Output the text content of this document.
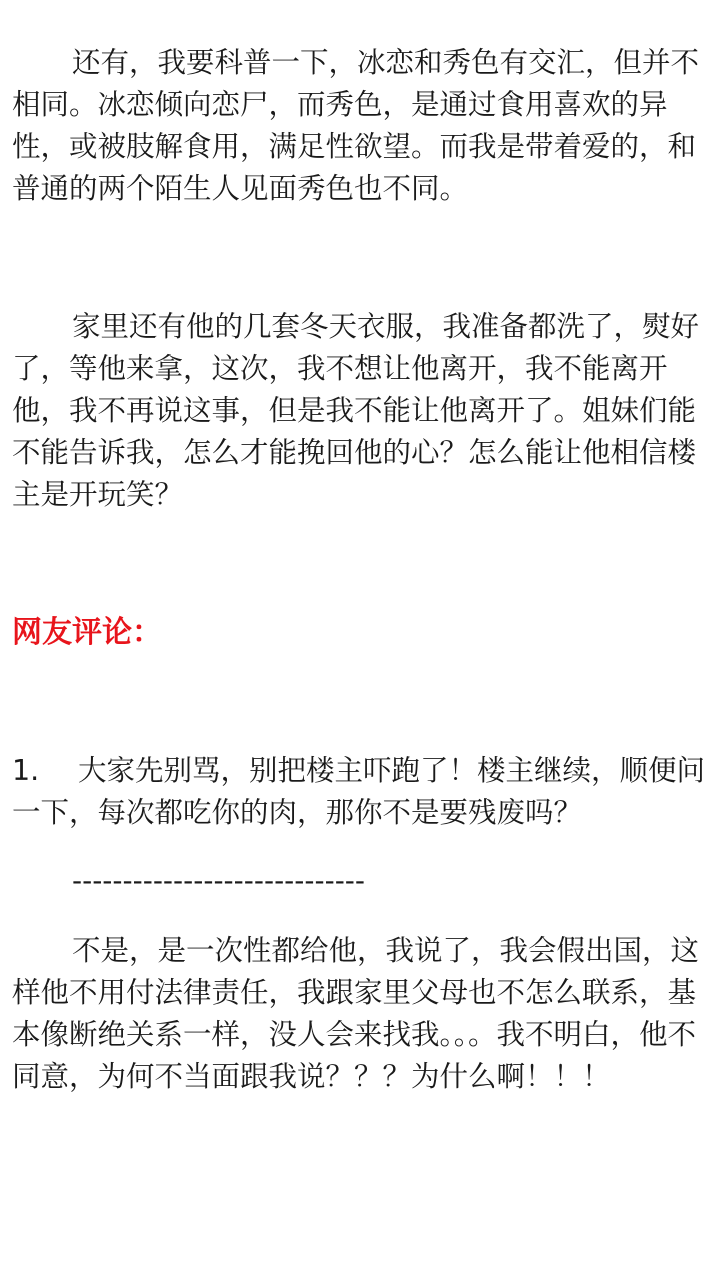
还有，我要科普一下，冰恋和秀色有交汇，但并不相同。冰恋倾向恋尸，而秀色，是通过食用喜欢的异性，或被肢解食用，满足性欲望。而我是带着爱的，和普通的两个陌生人见面秀色也不同。

家里还有他的几套冬天衣服，我准备都洗了，熨好了，等他来拿，这次，我不想让他离开，我不能离开他，我不再说这事，但是我不能让他离开了。姐妹们能不能告诉我，怎么才能挽回他的心？怎么能让他相信楼主是开玩笑？

网友评论：

1. 大家先别骂，别把楼主吓跑了！楼主继续，顺便问一下，每次都吃你的肉，那你不是要残废吗？

-----------------------------

不是，是一次性都给他，我说了，我会假出国，这样他不用付法律责任，我跟家里父母也不怎么联系，基本像断绝关系一样，没人会来找我。。。我不明白，他不同意，为何不当面跟我说？？？为什么啊！！！
